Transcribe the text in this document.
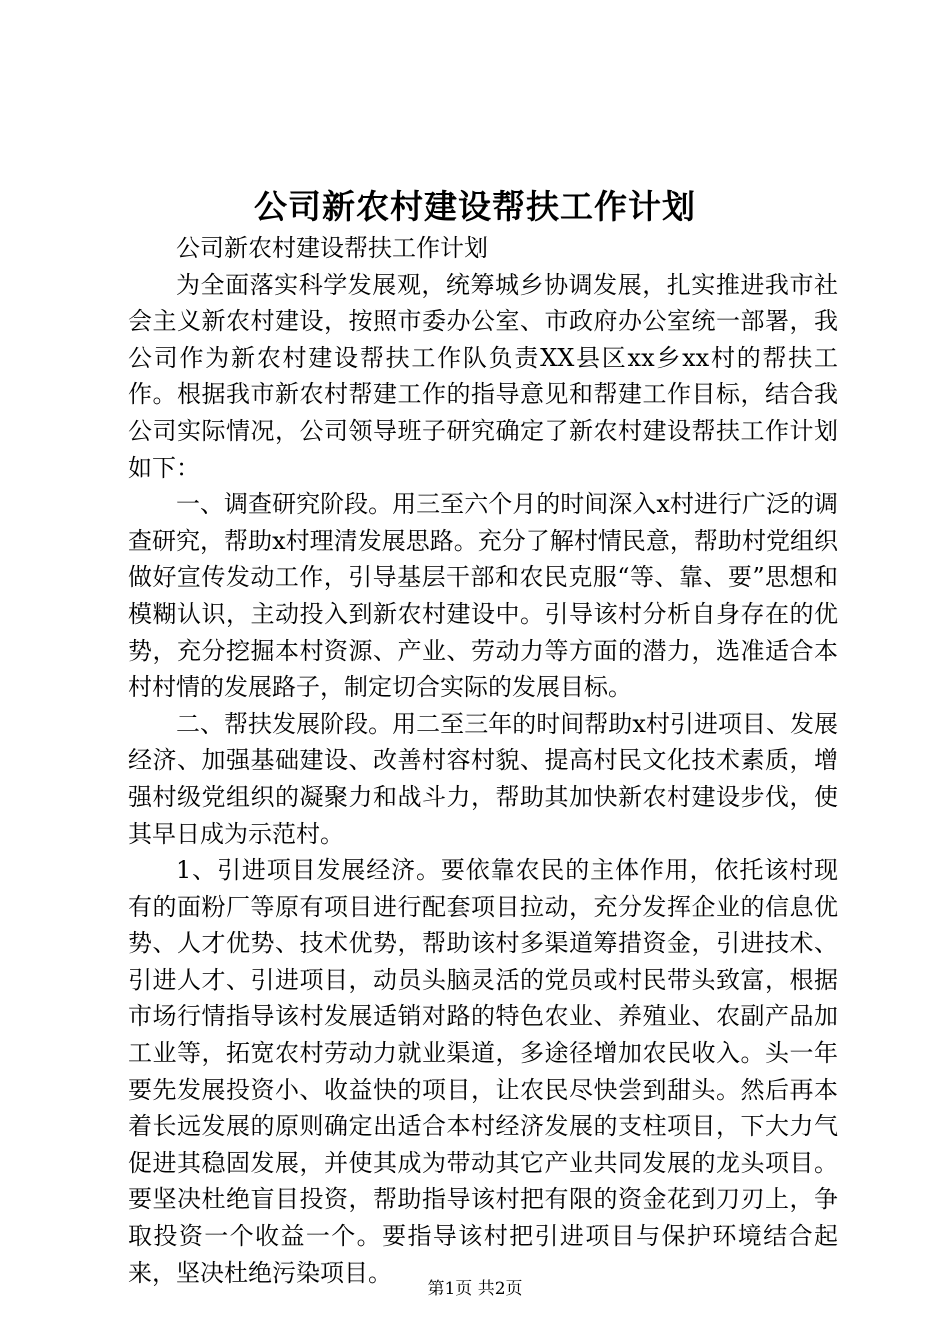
公司新农村建设帮扶工作计划

公司新农村建设帮扶工作计划

为全面落实科学发展观，统筹城乡协调发展，扎实推进我市社会主义新农村建设，按照市委办公室、市政府办公室统一部署，我公司作为新农村建设帮扶工作队负责XX县区xx乡xx村的帮扶工作。根据我市新农村帮建工作的指导意见和帮建工作目标，结合我公司实际情况，公司领导班子研究确定了新农村建设帮扶工作计划如下：

一、调查研究阶段。用三至六个月的时间深入x村进行广泛的调查研究，帮助x村理清发展思路。充分了解村情民意，帮助村党组织做好宣传发动工作，引导基层干部和农民克服“等、靠、要”思想和模糊认识，主动投入到新农村建设中。引导该村分析自身存在的优势，充分挖掘本村资源、产业、劳动力等方面的潜力，选准适合本村村情的发展路子，制定切合实际的发展目标。

二、帮扶发展阶段。用二至三年的时间帮助x村引进项目、发展经济、加强基础建设、改善村容村貌、提高村民文化技术素质，增强村级党组织的凝聚力和战斗力，帮助其加快新农村建设步伐，使其早日成为示范村。

1、引进项目发展经济。要依靠农民的主体作用，依托该村现有的面粉厂等原有项目进行配套项目拉动，充分发挥企业的信息优势、人才优势、技术优势，帮助该村多渠道筹措资金，引进技术、引进人才、引进项目，动员头脑灵活的党员或村民带头致富，根据市场行情指导该村发展适销对路的特色农业、养殖业、农副产品加工业等，拓宽农村劳动力就业渠道，多途径增加农民收入。头一年要先发展投资小、收益快的项目，让农民尽快尝到甜头。然后再本着长远发展的原则确定出适合本村经济发展的支柱项目，下大力气促进其稳固发展，并使其成为带动其它产业共同发展的龙头项目。要坚决杜绝盲目投资，帮助指导该村把有限的资金花到刀刃上，争取投资一个收益一个。要指导该村把引进项目与保护环境结合起来，坚决杜绝污染项目。

第1页 共2页
